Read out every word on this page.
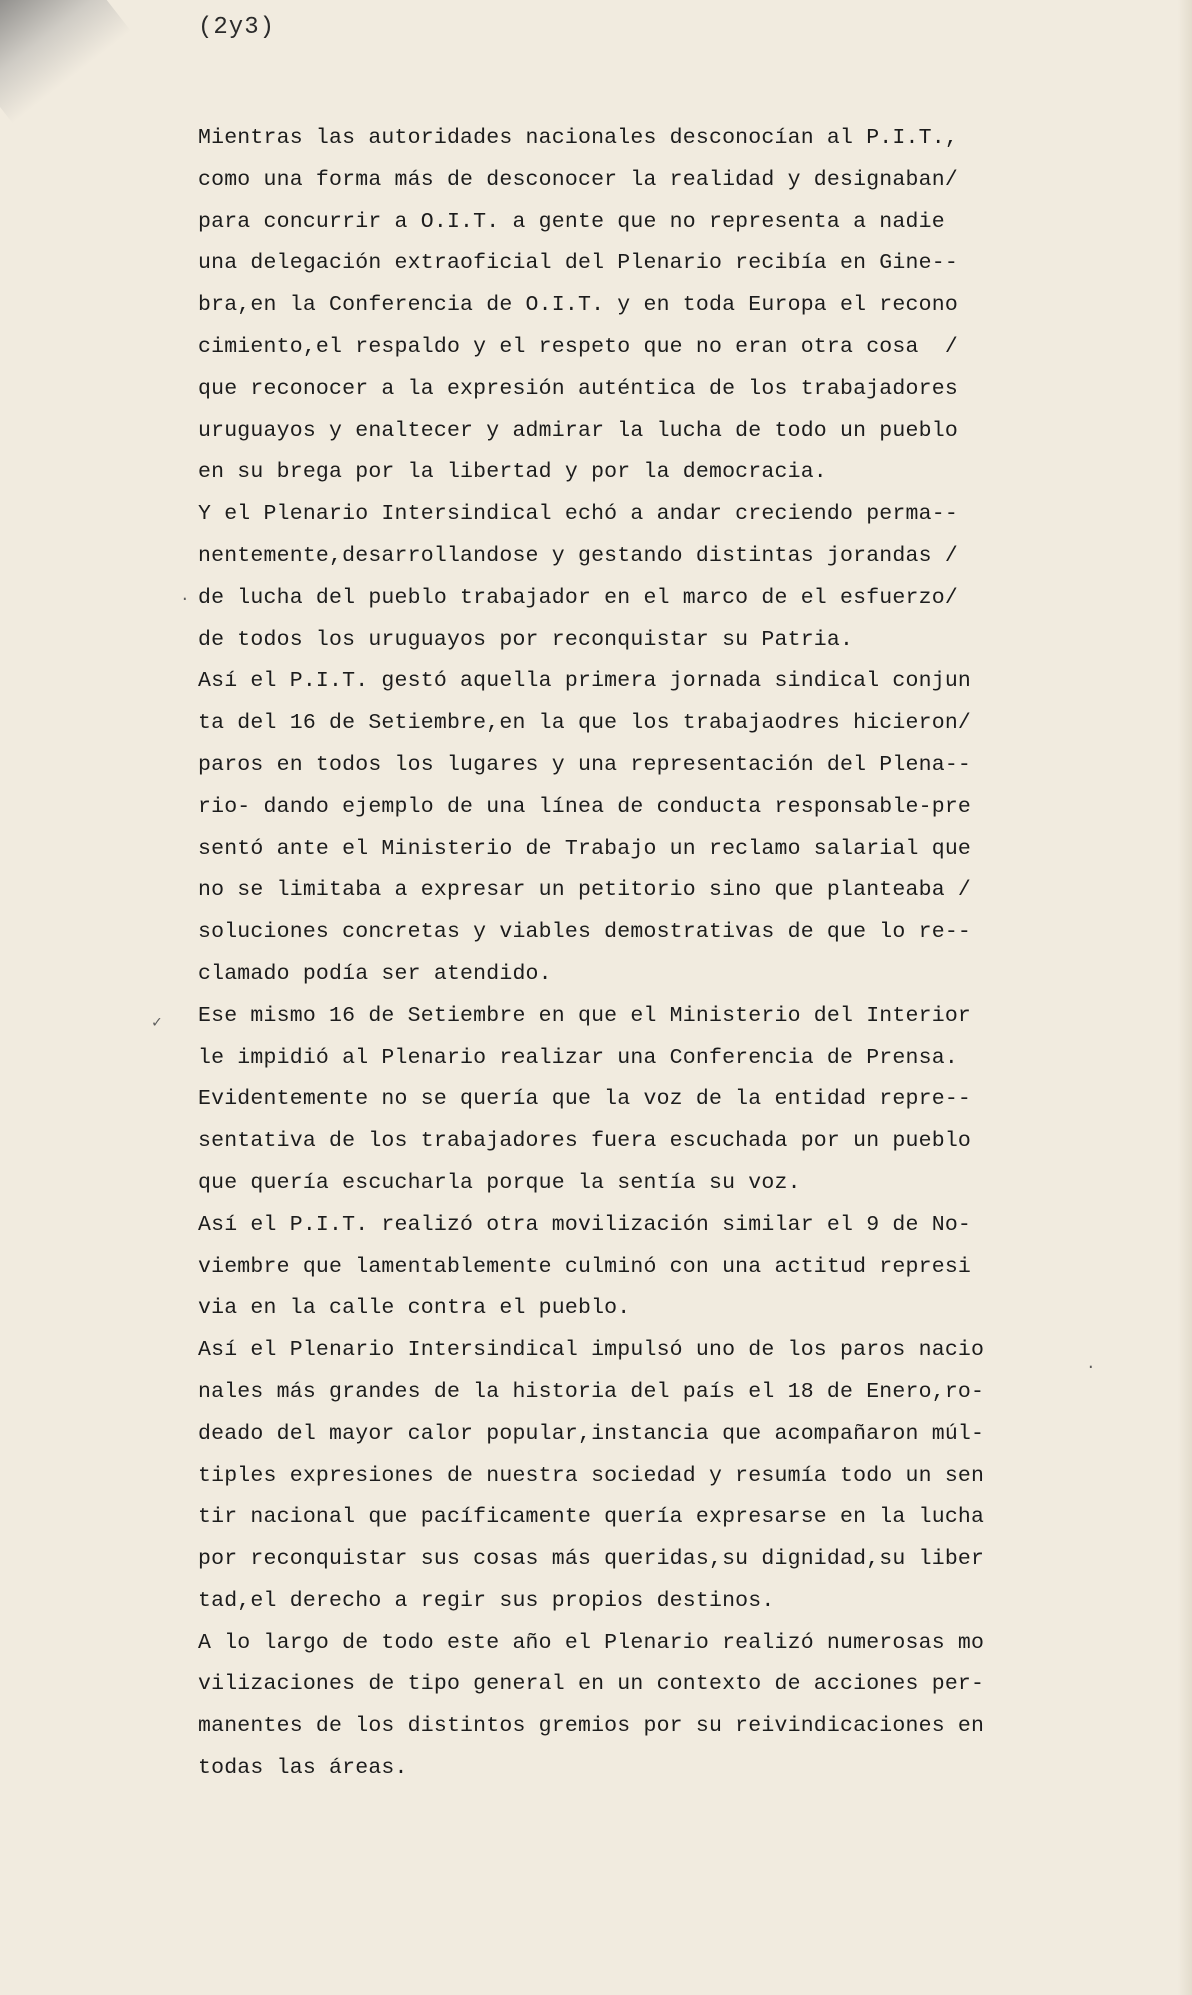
(2y3)
Mientras las autoridades nacionales desconocían al P.I.T.,
como una forma más de desconocer la realidad y designaban/
para concurrir a O.I.T. a gente que no representa a nadie
una delegación extraoficial del Plenario recibía en Gine--
bra,en la Conferencia de O.I.T. y en toda Europa el recono
cimiento,el respaldo y el respeto que no eran otra cosa  /
que reconocer a la expresión auténtica de los trabajadores
uruguayos y enaltecer y admirar la lucha de todo un pueblo
en su brega por la libertad y por la democracia.
Y el Plenario Intersindical echó a andar creciendo perma--
nentemente,desarrollandose y gestando distintas jorandas /
de lucha del pueblo trabajador en el marco de el esfuerzo/
de todos los uruguayos por reconquistar su Patria.
Así el P.I.T. gestó aquella primera jornada sindical conjun
ta del 16 de Setiembre,en la que los trabajaodres hicieron/
paros en todos los lugares y una representación del Plena--
rio- dando ejemplo de una línea de conducta responsable-pre
sentó ante el Ministerio de Trabajo un reclamo salarial que
no se limitaba a expresar un petitorio sino que planteaba /
soluciones concretas y viables demostrativas de que lo re--
clamado podía ser atendido.
Ese mismo 16 de Setiembre en que el Ministerio del Interior
le impidió al Plenario realizar una Conferencia de Prensa.
Evidentemente no se quería que la voz de la entidad repre--
sentativa de los trabajadores fuera escuchada por un pueblo
que quería escucharla porque la sentía su voz.
Así el P.I.T. realizó otra movilización similar el 9 de No-
viembre que lamentablemente culminó con una actitud represi
via en la calle contra el pueblo.
Así el Plenario Intersindical impulsó uno de los paros nacio
nales más grandes de la historia del país el 18 de Enero,ro-
deado del mayor calor popular,instancia que acompañaron múl-
tiples expresiones de nuestra sociedad y resumía todo un sen
tir nacional que pacíficamente quería expresarse en la lucha
por reconquistar sus cosas más queridas,su dignidad,su liber
tad,el derecho a regir sus propios destinos.
A lo largo de todo este año el Plenario realizó numerosas mo
vilizaciones de tipo general en un contexto de acciones per-
manentes de los distintos gremios por su reivindicaciones en
todas las áreas.
✓
·
·
